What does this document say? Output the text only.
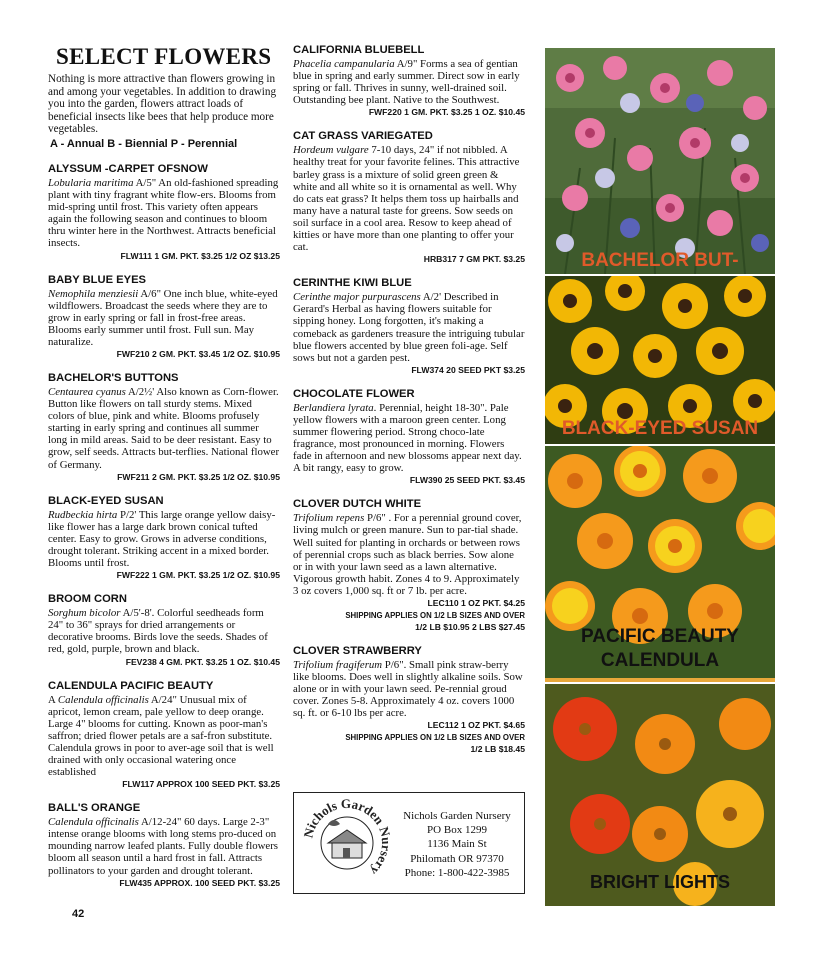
SELECT FLOWERS

Nothing is more attractive than flowers growing in and among your vegetables. In addition to drawing you into the garden, flowers attract loads of beneficial insects like bees that help produce more vegetables.

A - Annual B - Biennial P - Perennial
ALYSSUM -CARPET OFSNOW

Lobularia maritima A/5" An old-fashioned spreading plant with tiny fragrant white flow-ers. Blooms from mid-spring until frost. This variety often appears again the following season and continues to bloom thru winter here in the Northwest. Attracts beneficial insects.

FLW111 1 GM. PKT. $3.25 1/2 OZ $13.25
BABY BLUE EYES

Nemophila menziesii A/6" One inch blue, white-eyed wildflowers. Broadcast the seeds where they are to grow in early spring or fall in frost-free areas. Blooms early summer until frost. Full sun. May naturalize.

FWF210 2 GM. PKT. $3.45 1/2 OZ. $10.95
BACHELOR'S BUTTONS

Centaurea cyanus A/2½' Also known as Corn-flower. Button like flowers on tall sturdy stems. Mixed colors of blue, pink and white. Blooms profusely starting in early spring and continues all summer long in mild areas. Said to be deer resistant. Easy to grow, self seeds. Attracts but-terflies. National flower of Germany.

FWF211 2 GM. PKT. $3.25 1/2 OZ. $10.95
BLACK-EYED SUSAN

Rudbeckia hirta P/2' This large orange yellow daisy-like flower has a large dark brown conical tufted center. Easy to grow. Grows in adverse conditions, drought tolerant. Striking accent in a mixed border. Blooms until frost.

FWF222 1 GM. PKT. $3.25 1/2 OZ. $10.95
BROOM CORN

Sorghum bicolor A/5'-8'. Colorful seedheads form 24" to 36" sprays for dried arrangements or decorative brooms. Birds love the seeds. Shades of red, gold, purple, brown and black.

FEV238 4 GM. PKT. $3.25 1 OZ. $10.45
CALENDULA PACIFIC BEAUTY

A Calendula officinalis A/24" Unusual mix of apricot, lemon cream, pale yellow to deep orange. Large 4" blooms for cutting. Known as poor-man's saffron; dried flower petals are a saf-fron substitute. Calendula grows in poor to aver-age soil that is well drained with only occasional watering once established

FLW117 APPROX 100 SEED PKT. $3.25
BALL'S ORANGE

Calendula officinalis A/12-24" 60 days. Large 2-3" intense orange blooms with long stems pro-duced on mounding narrow leafed plants. Fully double flowers bloom all season until a hard frost in fall. Attracts pollinators to your garden and drought tolerant.

FLW435 APPROX. 100 SEED PKT. $3.25
CALIFORNIA BLUEBELL

Phacelia campanularia A/9" Forms a sea of gentian blue in spring and early summer. Direct sow in early spring or fall. Thrives in sunny, well-drained soil. Outstanding bee plant. Native to the Southwest.

FWF220 1 GM. PKT. $3.25 1 OZ. $10.45
CAT GRASS VARIEGATED

Hordeum vulgare 7-10 days, 24" if not nibbled. A healthy treat for your favorite felines. This attractive barley grass is a mixture of solid green green & white and all white so it is ornamental as well. Why do cats eat grass? It helps them toss up hairballs and many have a natural taste for greens. Sow seeds on soil surface in a cool area. Resow to keep ahead of kitties or have more than one planting to offer your cat.

HRB317 7 GM PKT. $3.25
CERINTHE KIWI BLUE

Cerinthe major purpurascens A/2' Described in Gerard's Herbal as having flowers suitable for sipping honey. Long forgotten, it's making a comeback as gardeners treasure the intriguing tubular blue flowers accented by blue green foli-age. Self sows but not a garden pest.

FLW374 20 SEED PKT $3.25
CHOCOLATE FLOWER

Berlandiera lyrata. Perennial, height 18-30". Pale yellow flowers with a maroon green center. Long summer flowering period. Strong choco-late fragrance, most pronounced in morning. Flowers fade in afternoon and new blossoms appear next day. A bit rangy, easy to grow.

FLW390 25 SEED PKT. $3.45
CLOVER DUTCH WHITE

Trifolium repens P/6" . For a perennial ground cover, living mulch or green manure. Sun to par-tial shade. Well suited for planting in orchards or between rows of perennial crops such as black berries. Sow alone or in with your lawn seed as a lawn alternative. Vigorous growth habit. Zones 4 to 9. Approximately 3 oz covers 1,000 sq. ft or 7 lb. per acre.

LEC110 1 OZ PKT. $4.25
SHIPPING APPLIES ON 1/2 LB SIZES AND OVER
1/2 LB $10.95 2 LBS $27.45
CLOVER STRAWBERRY

Trifolium fragiferum P/6". Small pink straw-berry like blooms. Does well in slightly alkaline soils. Sow alone or in with your lawn seed. Pe-rennial groud cover. Zones 5-8. Approximately 4 oz. covers 1000 sq. ft. or 6-10 lbs per acre.

LEC112 1 OZ PKT. $4.65
SHIPPING APPLIES ON 1/2 LB SIZES AND OVER
1/2 LB $18.45
BACHELOR BUT-
BLACK-EYED SUSAN
PACIFIC BEAUTY
CALENDULA
BRIGHT LIGHTS
Nichols Garden Nursery
Nichols Garden Nursery
PO Box 1299
1136 Main St
Philomath OR 97370
Phone: 1-800-422-3985
42
